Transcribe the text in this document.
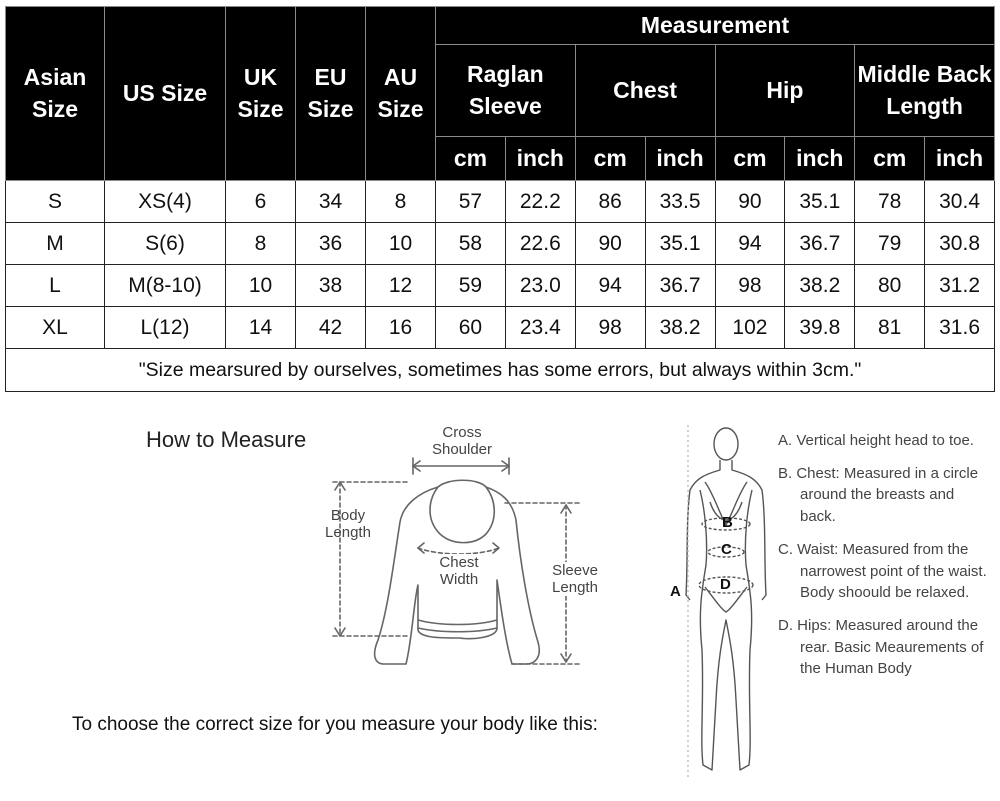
Asian Size	US Size	UK Size	EU Size	AU Size	Measurement							
					Raglan Sleeve		Chest		Hip		Middle Back Length	
					cm	inch	cm	inch	cm	inch	cm	inch
S	XS(4)	6	34	8	57	22.2	86	33.5	90	35.1	78	30.4
M	S(6)	8	36	10	58	22.6	90	35.1	94	36.7	79	30.8
L	M(8-10)	10	38	12	59	23.0	94	36.7	98	38.2	80	31.2
XL	L(12)	14	42	16	60	23.4	98	38.2	102	39.8	81	31.6
"Size mearsured by ourselves, sometimes has some errors, but always within 3cm."												
How to Measure
To choose the correct size for you measure your body like this:
B
C
D
A
Cross Shoulder
Body Length
Chest Width
Sleeve Length
A. Vertical height head to toe.
B. Chest: Measured in a circle around the breasts and back.
C. Waist: Measured from the narrowest point of the waist. Body shoould be relaxed.
D. Hips: Measured around the rear. Basic Meaurements of the Human Body
